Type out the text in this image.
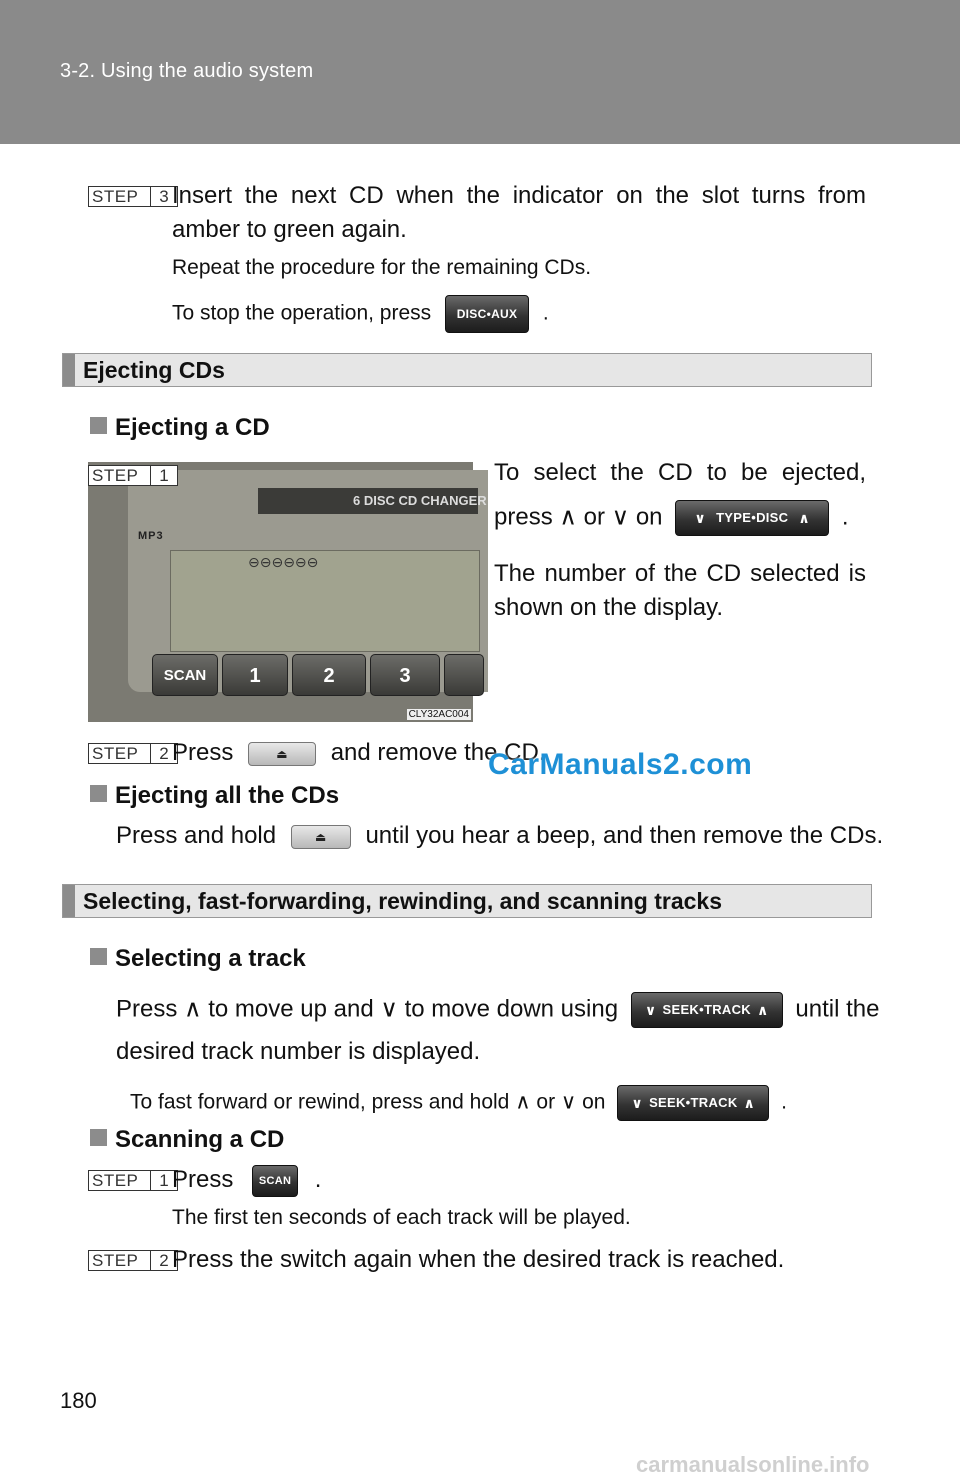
3-2. Using the audio system
STEP	3 Insert the next CD when the indicator on the slot turns from
amber to green again.
Repeat the procedure for the remaining CDs.
To stop the operation, press DISC•AUX .
Ejecting CDs
Ejecting a CD
6 DISC CD CHANGER
MP3
⊖⊖⊖⊖⊖⊖
SCAN	1	2	3
CLY32AC004
STEP	1	To select the CD to be ejected,
press ∧ or ∨ on ∨ TYPE•DISC ∧ .
The number of the CD selected is
shown on the display.
STEP	2 Press	⏏ and remove the CD.
Ejecting all the CDs
Press and hold	⏏ until you hear a beep, and then remove the CDs.
Selecting, fast-forwarding, rewinding, and scanning tracks
Selecting a track
Press ∧ to move up and ∨ to move down using ∨ SEEK•TRACK ∧ until the
desired track number is displayed.
To fast forward or rewind, press and hold ∧ or ∨ on ∨ SEEK•TRACK ∧ .
Scanning a CD
STEP	1 Press SCAN .
The first ten seconds of each track will be played.
STEP	2 Press the switch again when the desired track is reached.
CarManuals2.com
180
carmanualsonline.info
